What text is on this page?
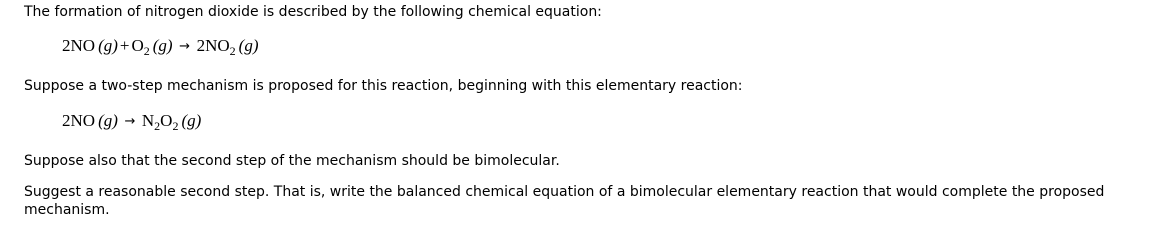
The formation of nitrogen dioxide is described by the following chemical equation:

2NO $(g) + O_2$ $(g) \to 2NO_2$ (g)

Suppose a two-step mechanism is proposed for this reaction, beginning with this elementary reaction:

2NO $(g) \to N_2O_2$ (g)

Suppose also that the second step of the mechanism should be bimolecular.

Suggest a reasonable second step. That is, write the balanced chemical equation of a bimolecular elementary reaction that would complete the proposed mechanism.
